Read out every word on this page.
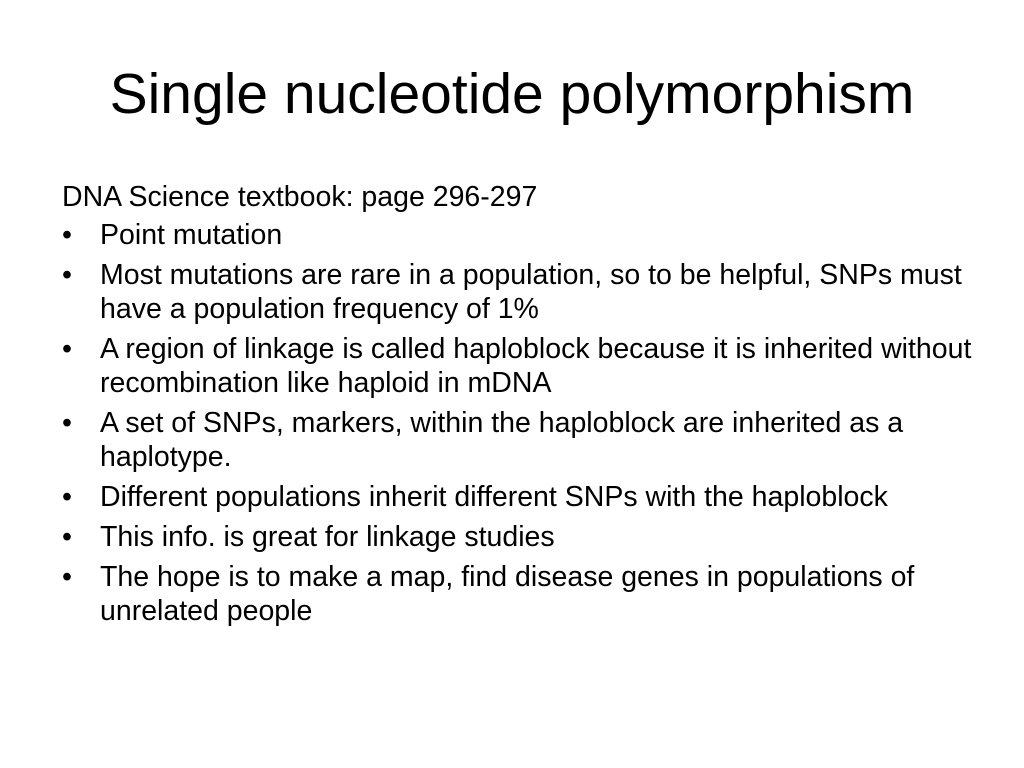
Single nucleotide polymorphism

DNA Science textbook: page 296-297

• Point mutation
• Most mutations are rare in a population, so to be helpful, SNPs must have a population frequency of 1%
• A region of linkage is called haploblock because it is inherited without recombination like haploid in mDNA
• A set of SNPs, markers, within the haploblock are inherited as a haplotype.
• Different populations inherit different SNPs with the haploblock
• This info. is great for linkage studies
• The hope is to make a map, find disease genes in populations of unrelated people
